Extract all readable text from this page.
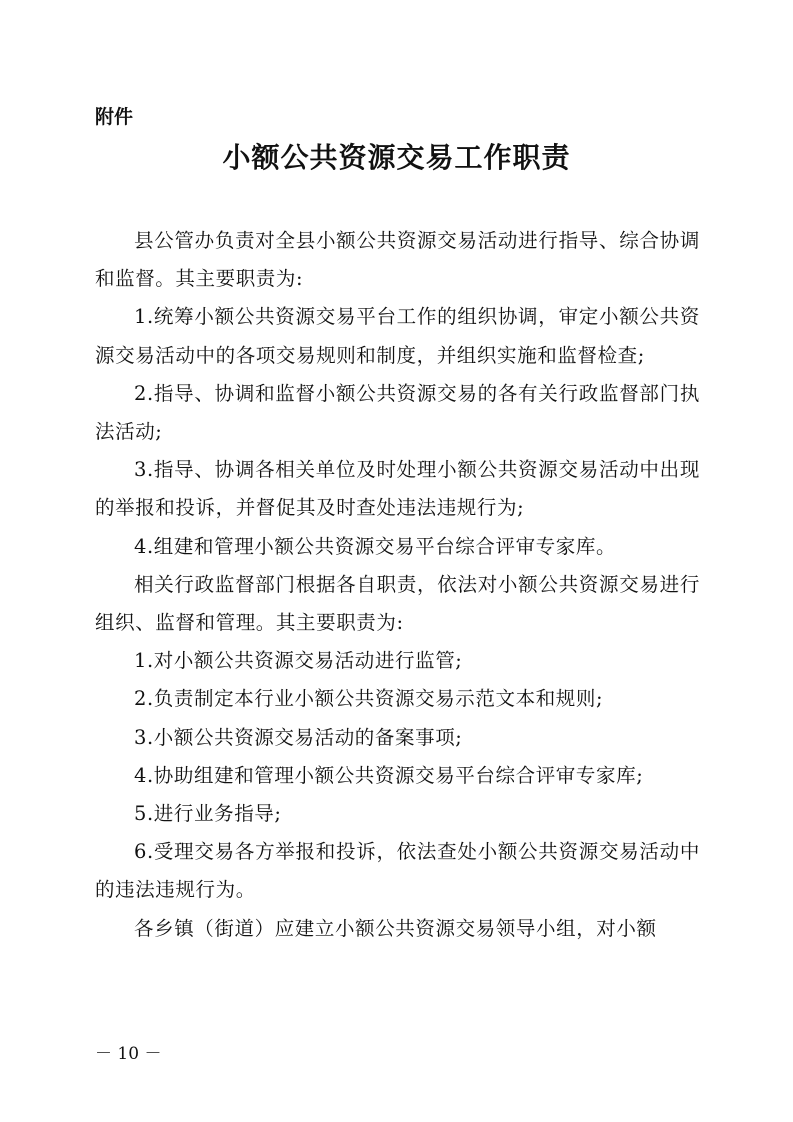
附件
小额公共资源交易工作职责

县公管办负责对全县小额公共资源交易活动进行指导、综合协调和监督。其主要职责为:

1.统筹小额公共资源交易平台工作的组织协调，审定小额公共资源交易活动中的各项交易规则和制度，并组织实施和监督检查;

2.指导、协调和监督小额公共资源交易的各有关行政监督部门执法活动;

3.指导、协调各相关单位及时处理小额公共资源交易活动中出现的举报和投诉，并督促其及时查处违法违规行为;

4.组建和管理小额公共资源交易平台综合评审专家库。

相关行政监督部门根据各自职责，依法对小额公共资源交易进行组织、监督和管理。其主要职责为:

1.对小额公共资源交易活动进行监管;

2.负责制定本行业小额公共资源交易示范文本和规则;

3.小额公共资源交易活动的备案事项;

4.协助组建和管理小额公共资源交易平台综合评审专家库;

5.进行业务指导;

6.受理交易各方举报和投诉，依法查处小额公共资源交易活动中的违法违规行为。

各乡镇（街道）应建立小额公共资源交易领导小组，对小额

－ 10 －
